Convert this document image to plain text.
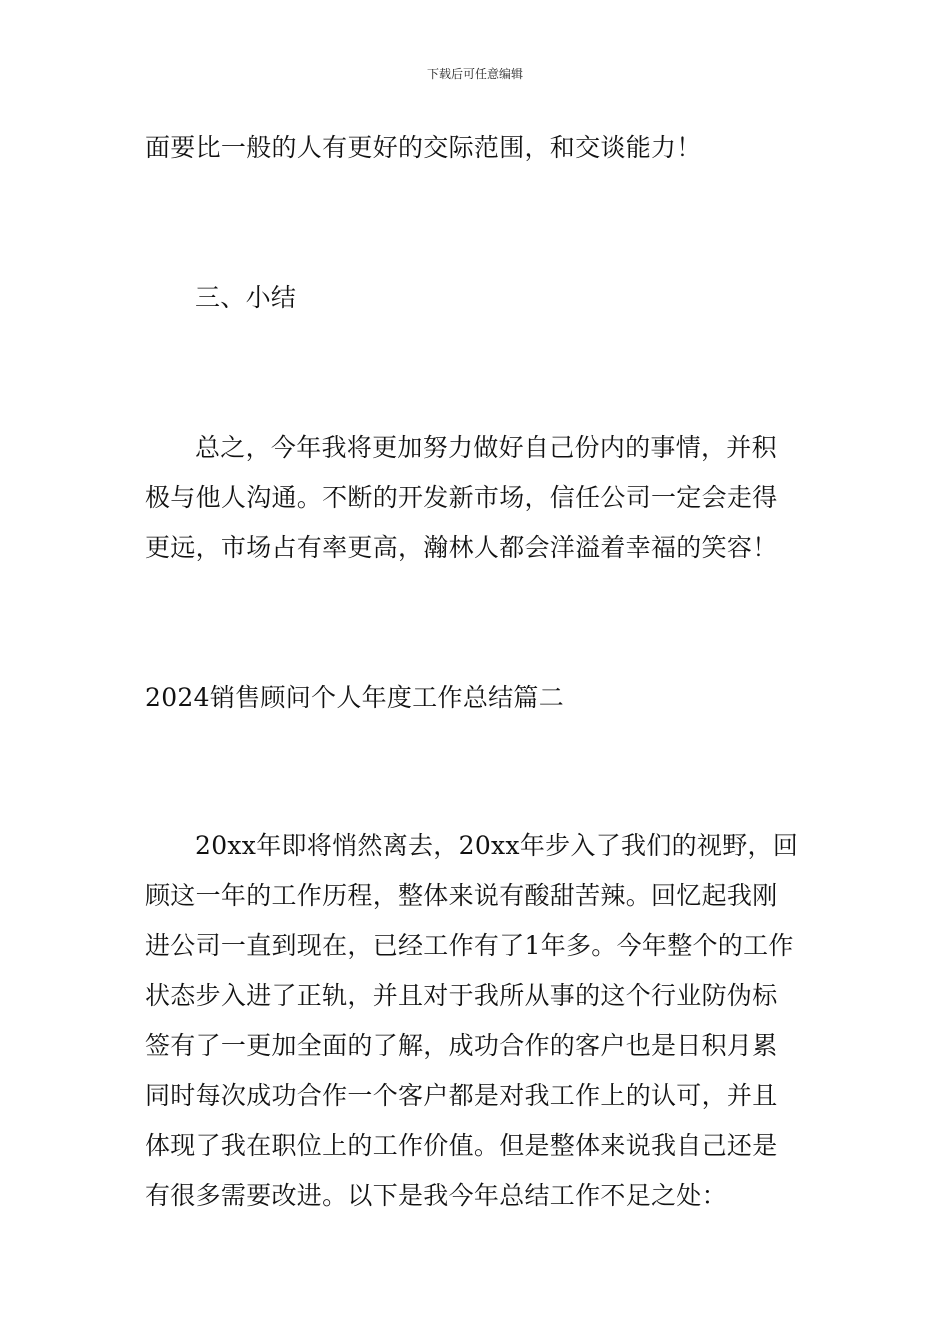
下载后可任意编辑
面要比一般的人有更好的交际范围，和交谈能力！
三、小结
总之，今年我将更加努力做好自己份内的事情，并积
极与他人沟通。不断的开发新市场，信任公司一定会走得
更远，市场占有率更高，瀚林人都会洋溢着幸福的笑容！
2024销售顾问个人年度工作总结篇二
20xx年即将悄然离去，20xx年步入了我们的视野，回
顾这一年的工作历程，整体来说有酸甜苦辣。回忆起我刚
进公司一直到现在，已经工作有了1年多。今年整个的工作
状态步入进了正轨，并且对于我所从事的这个行业防伪标
签有了一更加全面的了解，成功合作的客户也是日积月累
同时每次成功合作一个客户都是对我工作上的认可，并且
体现了我在职位上的工作价值。但是整体来说我自己还是
有很多需要改进。以下是我今年总结工作不足之处：
